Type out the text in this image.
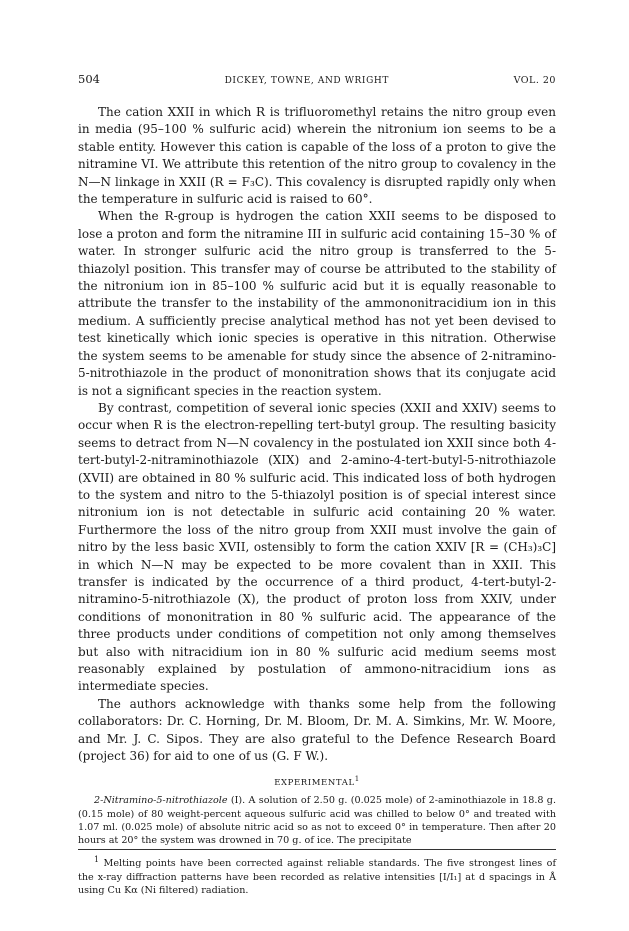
504	DICKEY, TOWNE, AND WRIGHT	VOL. 20

The cation XXII in which R is trifluoromethyl retains the nitro group even in media (95–100 % sulfuric acid) wherein the nitronium ion seems to be a stable entity. However this cation is capable of the loss of a proton to give the nitramine VI. We attribute this retention of the nitro group to covalency in the N—N linkage in XXII (R = F₃C). This covalency is disrupted rapidly only when the temperature in sulfuric acid is raised to 60°.

When the R-group is hydrogen the cation XXII seems to be disposed to lose a proton and form the nitramine III in sulfuric acid containing 15–30 % of water. In stronger sulfuric acid the nitro group is transferred to the 5-thiazolyl position. This transfer may of course be attributed to the stability of the nitronium ion in 85–100 % sulfuric acid but it is equally reasonable to attribute the transfer to the instability of the ammononitracidium ion in this medium. A sufficiently precise analytical method has not yet been devised to test kinetically which ionic species is operative in this nitration. Otherwise the system seems to be amenable for study since the absence of 2-nitramino-5-nitrothiazole in the product of mononitration shows that its conjugate acid is not a significant species in the reaction system.

By contrast, competition of several ionic species (XXII and XXIV) seems to occur when R is the electron-repelling tert-butyl group. The resulting basicity seems to detract from N—N covalency in the postulated ion XXII since both 4-tert-butyl-2-nitraminothiazole (XIX) and 2-amino-4-tert-butyl-5-nitrothiazole (XVII) are obtained in 80 % sulfuric acid. This indicated loss of both hydrogen to the system and nitro to the 5-thiazolyl position is of special interest since nitronium ion is not detectable in sulfuric acid containing 20 % water. Furthermore the loss of the nitro group from XXII must involve the gain of nitro by the less basic XVII, ostensibly to form the cation XXIV [R = (CH₃)₃C] in which N—N may be expected to be more covalent than in XXII. This transfer is indicated by the occurrence of a third product, 4-tert-butyl-2-nitramino-5-nitrothiazole (X), the product of proton loss from XXIV, under conditions of mononitration in 80 % sulfuric acid. The appearance of the three products under conditions of competition not only among themselves but also with nitracidium ion in 80 % sulfuric acid medium seems most reasonably explained by postulation of ammono-nitracidium ions as intermediate species.

The authors acknowledge with thanks some help from the following collaborators: Dr. C. Horning, Dr. M. Bloom, Dr. M. A. Simkins, Mr. W. Moore, and Mr. J. C. Sipos. They are also grateful to the Defence Research Board (project 36) for aid to one of us (G. F W.).

EXPERIMENTAL$^1$

2-Nitramino-5-nitrothiazole (I). A solution of 2.50 g. (0.025 mole) of 2-aminothiazole in 18.8 g. (0.15 mole) of 80 weight-percent aqueous sulfuric acid was chilled to below 0° and treated with 1.07 ml. (0.025 mole) of absolute nitric acid so as not to exceed 0° in temperature. Then after 20 hours at 20° the system was drowned in 70 g. of ice. The precipitate

$^1$ Melting points have been corrected against reliable standards. The five strongest lines of the x-ray diffraction patterns have been recorded as relative intensities [I/I₁] at d spacings in Å using Cu Kα (Ni filtered) radiation.
